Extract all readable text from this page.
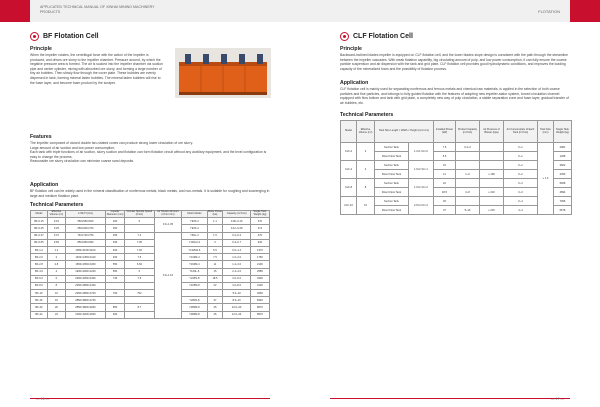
APPLICATED TECHNICAL MANUAL OF XINHAI MINING MACHINERY PRODUCTS
BF Flotation Cell
Principle
When the impeller rotates, the centrifugal force with the action of the impeller is produced, and drives ore slurry to the impeller chamber. Pressure around, by which the negative pressure area is formed. The air is sucked into the impeller chamber via suction pipe and center cylinder, mixing with absorbed ore slurry, and forming a large number of tiny air bubbles. Then slowly flow through the cover plate. These bubbles are evenly dispersed in tank, forming mineral laden bubbles. The mineral laden bubbles will rise to the foam layer, and become foam product by the scraper.
Features
The impeller composed of closed double fan-rotated cones can produce strong lower circulation of ore slurry.
Large amount of air suction and low power consumption;
Each tank with triple functions of air suction, slurry suction and flotation can form flotation circuit without any auxiliary equipment, and the level configuration is easy to change the process;
Reasonable ore slurry circulation can minimize coarse sand deposits.
Application
BF flotation cell can be widely used in the mineral classification of nonferrous metals, black metals, and non-metals. It is suitable for roughing and scavenging in large and medium flotation plant.
Technical Parameters
Model	Effective Volume (m³)	L×W×H (mm)	Impeller Diameter (mm)	Circular Spindle Speed (r/min)	Air Suction Amount (m³/m²·min)	Motor Model	Motor Power (kw)	Capacity (m³/min)	Single Tank Weight (kg)
BF-0.15	0.15	550×550×600	200	6	0.9~1.05	Y90S-4	1.1	0.06~0.16	370
BF-0.25	0.25	650×600×700	250			Y90S-4		0.12~0.28	374
BF-0.37	0.37	740×740×750	296	7.2	0.9~1.10	Y90L-4	1.5	0.2~0.4	470
BF-0.65	0.65	850×950×950	336	7.05		Y100L2-4	3	0.3~0.7	932
BF-1.2	1.2	1050×1150×1100	400	7.02		Y132M2-6	5.5	0.6~1.2	1370
BF-2.0	2	1400×1450×1120	460	7.5		Y132M-4	7.5	1.0~2.0	1750
BF-2.8	2.8	1650×1650×1150	550	6.66		Y160M-4	11	1.4~3.0	2130
BF-4.0	4	1900×2000×1200	650	6		Y160L-6	15	2.4~4.0	2585
BF-6.0	6	2300×2350×1300	740	7.5		Y225S-8	18.5	3.0~6.0	3300
BF-8.0	8	2250×2850×1400				Y225M-8	22	4.0~8.0	4130
BF-10	10	2250×2850×1700	760	752				5.0~10	4660
BF-16	16	2850×3800×1700				Y280S-8	37	8.0~16	8320
BF-20	20	2850×3800×2000	850	8.7		Y280M-8	45	10.0~20	8670
BF-24	24	3100×4200×2000	920			Y280M-8	45	12.0~24	8970
— 16 —
FLOTATION
CLF Flotation Cell
Principle
Backward-inclined blades impeller is equipped on CLF flotation cell, and the lower blades slope design is consistent with the path through the streamline between the impeller cascades. With weak flotation capability, big circulating amount of pulp, and low power consumption, it can fully ensure the coarse particle suspension and air dispersion with the tank and grid plate. CLF flotation cell provides good hydrodynamic conditions, and improves the loading capacity of the mineralized foam and the possibility of flotation process.
Application
CLF flotation cell is mainly used for separating nonferrous and ferrous metals and chemical raw materials, is applied in the selection of both coarse particles and fine particles, and belongs to fully guided flotation with the features of adopting new impeller-stator system, forced circulation channel equipped with flow bottom and tank with grid plate, a completely new way of pulp circulation, a stable separation zone and foam layer, gradual transfer of air bubbles, etc.
Technical Parameters
Model	Effective Volume (m³)	Tank Size Length × Width × Height (m×m×m)		Installed Power (kW)	Product Capacity (m³/min)	Air Pressure of Blower (kpa)	Air Consumption of Each Tank (m³/min)	Tank Size (mm)	Single Tank Weight (kg)
CLF-2	2	Suction Tank	1.2×1.6×1.0	7.5	0.4~2		0~1	≤ 1.0	2081
		Direct Flow Tank		5.5			0~1		1468
CLF-4	4	Suction Tank	1.6×2.3×1.1	15			0~2		3662
		Direct Flow Tank		11	1~6	≥ 196	0~2		2350
CLF-8	8	Suction Tank	1.6×2.4×1.2	22			0~3		5668
		Direct Flow Tank		18.5	3~8	≥ 210	0~3		4894
CLF-16	16	Suction Tank	2.5×3.2×1.2	45			0~4		7096
		Direct Flow Tank		37	5~16	≥ 215	4~4		6678
— 17 —
